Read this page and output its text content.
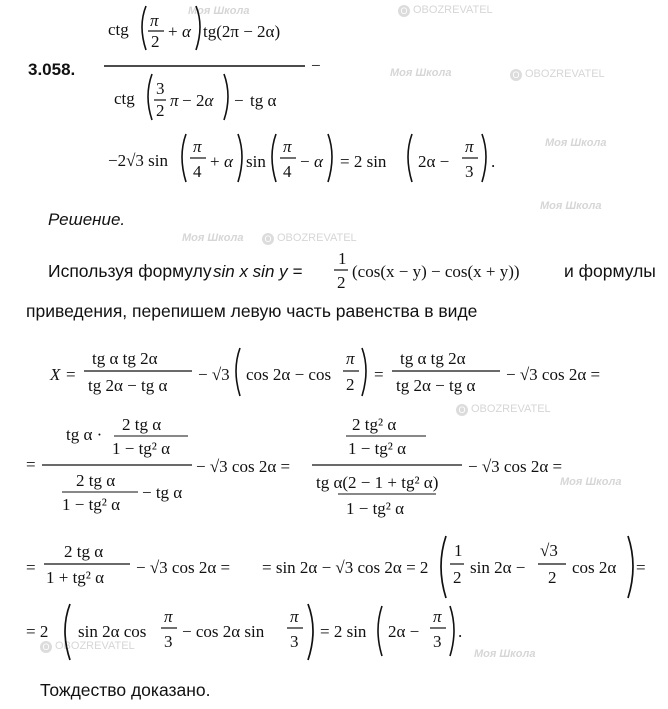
Моя Школа	O OBOZREVATEL
Моя Школа	O OBOZREVATEL
Моя Школа
Моя Школа O OBOZREVATEL
Моя Школа
O OBOZREVATEL
Моя Школа
O OBOZREVATEL
Моя Школа
3.058.
ctg π
2
+ α tg(2π − 2α)
−
ctg
3
2
π − 2α − tg α
−2√3 sin
π
4
+ α sin
π
4
− α = 2 sin 2α −
π
3
.
sin x sin y =
1
2
(cos(x − y) − cos(x + y))
X =
tg α tg 2α
tg 2α − tg α
− √3 cos 2α − cos
π
2
=
tg α tg 2α
tg 2α − tg α
− √3 cos 2α =
=
tg α ·
2 tg α
1 − tg² α
2 tg α
1 − tg² α
− tg α
− √3 cos 2α =
2 tg² α
1 − tg² α
tg α(2 − 1 + tg² α)
1 − tg² α
− √3 cos 2α =
=
2 tg α
1 + tg² α
− √3 cos 2α = = sin 2α − √3 cos 2α = 2
1
2
sin 2α −
√3
2
cos 2α =
= 2 sin 2α cos
π
3
− cos 2α sin
π
3
= 2 sin 2α −
π
3
.
Решение.
Используя формулу	и формулы
приведения, перепишем левую часть равенства в виде
Тождество доказано.
